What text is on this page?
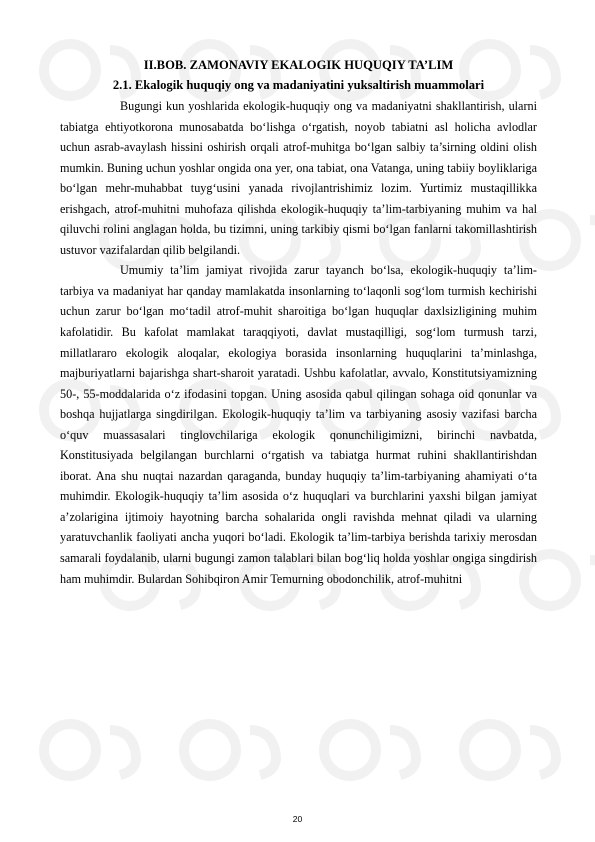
II.BOB. ZAMONAVIY EKALOGIK HUQUQIY TA’LIM

2.1. Ekalogik huquqiy ong va madaniyatini yuksaltirish muammolari

Bugungi kun yoshlarida ekologik-huquqiy ong va madaniyatni shakllantirish, ularni tabiatga ehtiyotkorona munosabatda bo‘lishga o‘rgatish, noyob tabiatni asl holicha avlodlar uchun asrab-avaylash hissini oshirish orqali atrof-muhitga bo‘lgan salbiy ta’sirning oldini olish mumkin. Buning uchun yoshlar ongida ona yer, ona tabiat, ona Vatanga, uning tabiiy boyliklariga bo‘lgan mehr-muhabbat tuyg‘usini yanada rivojlantrishimiz lozim. Yurtimiz mustaqillikka erishgach, atrof-muhitni muhofaza qilishda ekologik-huquqiy ta’lim-tarbiyaning muhim va hal qiluvchi rolini anglagan holda, bu tizimni, uning tarkibiy qismi bo‘lgan fanlarni takomillashtirish ustuvor vazifalardan qilib belgilandi.

Umumiy ta’lim jamiyat rivojida zarur tayanch bo‘lsa, ekologik-huquqiy ta’lim-tarbiya va madaniyat har qanday mamlakatda insonlarning to‘laqonli sog‘lom turmish kechirishi uchun zarur bo‘lgan mo‘tadil atrof-muhit sharoitiga bo‘lgan huquqlar daxlsizligining muhim kafolatidir. Bu kafolat mamlakat taraqqiyoti, davlat mustaqilligi, sog‘lom turmush tarzi, millatlararo ekologik aloqalar, ekologiya borasida insonlarning huquqlarini ta’minlashga, majburiyatlarni bajarishga shart-sharoit yaratadi. Ushbu kafolatlar, avvalo, Konstitutsiyamizning 50-, 55-moddalarida o‘z ifodasini topgan. Uning asosida qabul qilingan sohaga oid qonunlar va boshqa hujjatlarga singdirilgan. Ekologik-huquqiy ta’lim va tarbiyaning asosiy vazifasi barcha o‘quv muassasalari tinglovchilariga ekologik qonunchiligimizni, birinchi navbatda, Konstitusiyada belgilangan burchlarni o‘rgatish va tabiatga hurmat ruhini shakllantirishdan iborat. Ana shu nuqtai nazardan qaraganda, bunday huquqiy ta’lim-tarbiyaning ahamiyati o‘ta muhimdir. Ekologik-huquqiy ta’lim asosida o‘z huquqlari va burchlarini yaxshi bilgan jamiyat a’zolarigina ijtimoiy hayotning barcha sohalarida ongli ravishda mehnat qiladi va ularning yaratuvchanlik faoliyati ancha yuqori bo‘ladi. Ekologik ta’lim-tarbiya berishda tarixiy merosdan samarali foydalanib, ularni bugungi zamon talablari bilan bog‘liq holda yoshlar ongiga singdirish ham muhimdir. Bulardan Sohibqiron Amir Temurning obodonchilik, atrof-muhitni

20
